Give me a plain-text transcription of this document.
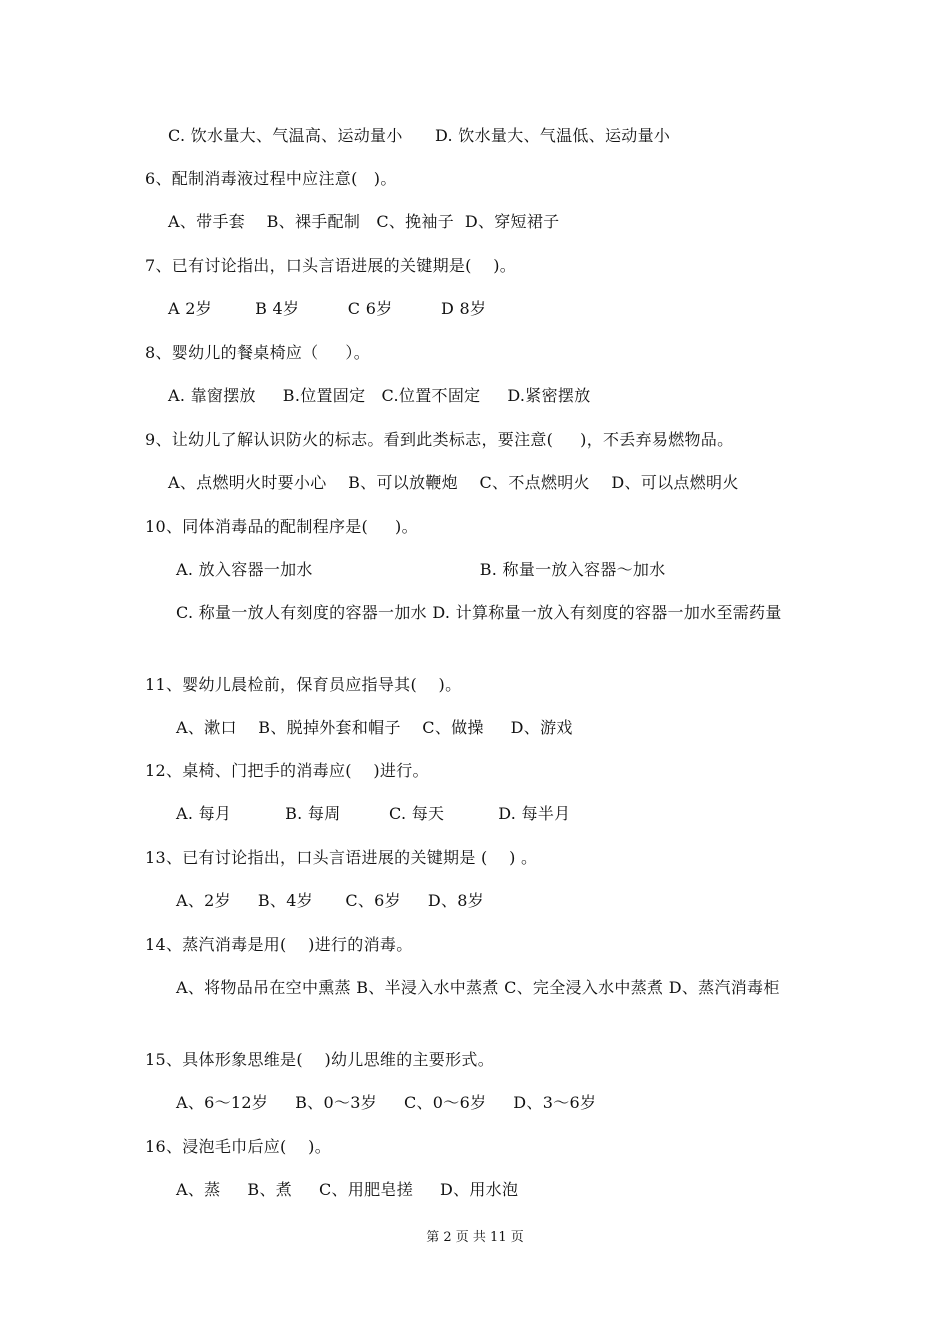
C. 饮水量大、气温高、运动量小      D. 饮水量大、气温低、运动量小
6、配制消毒液过程中应注意(   )。
A、带手套    B、裸手配制   C、挽袖子  D、穿短裙子
7、已有讨论指出，口头言语进展的关键期是(    )。
A 2岁        B 4岁         C 6岁         D 8岁
8、婴幼儿的餐桌椅应（     ）。
A. 靠窗摆放     B.位置固定   C.位置不固定     D.紧密摆放
9、让幼儿了解认识防火的标志。看到此类标志，要注意(     )，不丢弃易燃物品。
A、点燃明火时要小心    B、可以放鞭炮    C、不点燃明火    D、可以点燃明火
10、同体消毒品的配制程序是(     )。
A. 放入容器一加水                               B. 称量一放入容器～加水
C. 称量一放人有刻度的容器一加水 D. 计算称量一放入有刻度的容器一加水至需药量
11、婴幼儿晨检前，保育员应指导其(    )。
A、漱口    B、脱掉外套和帽子    C、做操     D、游戏
12、桌椅、门把手的消毒应(    )进行。
A. 每月          B. 每周         C. 每天          D. 每半月
13、已有讨论指出，口头言语进展的关键期是 (    ) 。
A、2岁     B、4岁      C、6岁     D、8岁
14、蒸汽消毒是用(    )进行的消毒。
A、将物品吊在空中熏蒸 B、半浸入水中蒸煮 C、完全浸入水中蒸煮 D、蒸汽消毒柜
15、具体形象思维是(    )幼儿思维的主要形式。
A、6～12岁     B、0～3岁     C、0～6岁     D、3～6岁
16、浸泡毛巾后应(    )。
A、蒸     B、煮     C、用肥皂搓     D、用水泡
第 2 页 共 11 页
